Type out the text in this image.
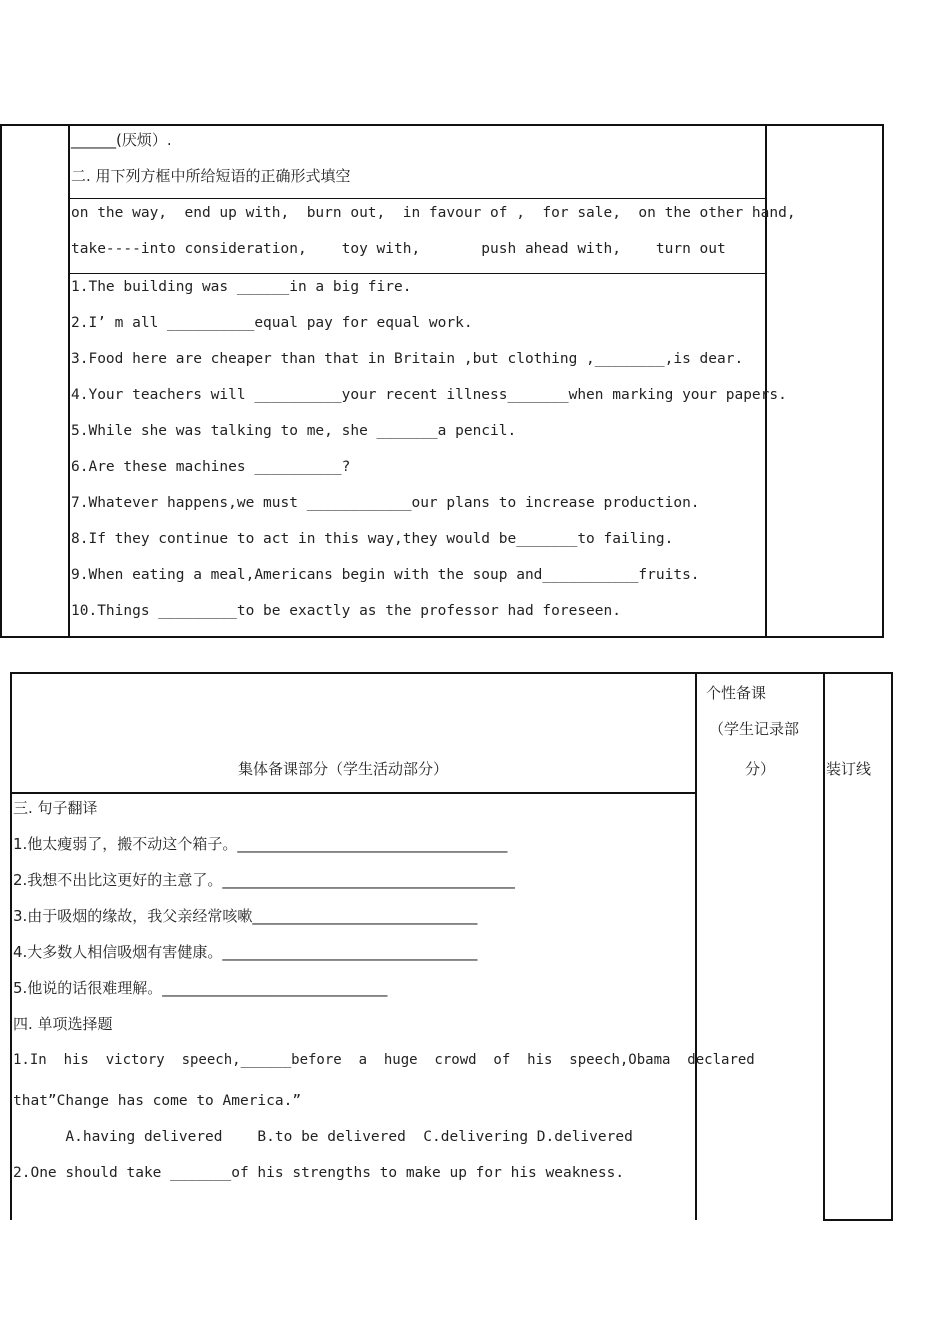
______(厌烦）.
二. 用下列方框中所给短语的正确形式填空
on the way,  end up with,  burn out,  in favour of ,  for sale,  on the other hand,
take----into consideration,    toy with,       push ahead with,    turn out
1.The building was ______in a big fire.
2.I’ m all __________equal pay for equal work.
3.Food here are cheaper than that in Britain ,but clothing ,________,is dear.
4.Your teachers will __________your recent illness_______when marking your papers.
5.While she was talking to me, she _______a pencil.
6.Are these machines __________?
7.Whatever happens,we must ____________our plans to increase production.
8.If they continue to act in this way,they would be_______to failing.
9.When eating a meal,Americans begin with the soup and___________fruits.
10.Things _________to be exactly as the professor had foreseen.
集体备课部分（学生活动部分）
个性备课
（学生记录部
分）	装订线
三. 句子翻译
1.他太瘦弱了，搬不动这个箱子。____________________________________
2.我想不出比这更好的主意了。_______________________________________
3.由于吸烟的缘故，我父亲经常咳嗽______________________________
4.大多数人相信吸烟有害健康。__________________________________
5.他说的话很难理解。______________________________
四. 单项选择题
1.In  his  victory  speech,______before  a  huge  crowd  of  his  speech,Obama  declared
that”Change has come to America.”
A.having delivered    B.to be delivered  C.delivering D.delivered
2.One should take _______of his strengths to make up for his weakness.
